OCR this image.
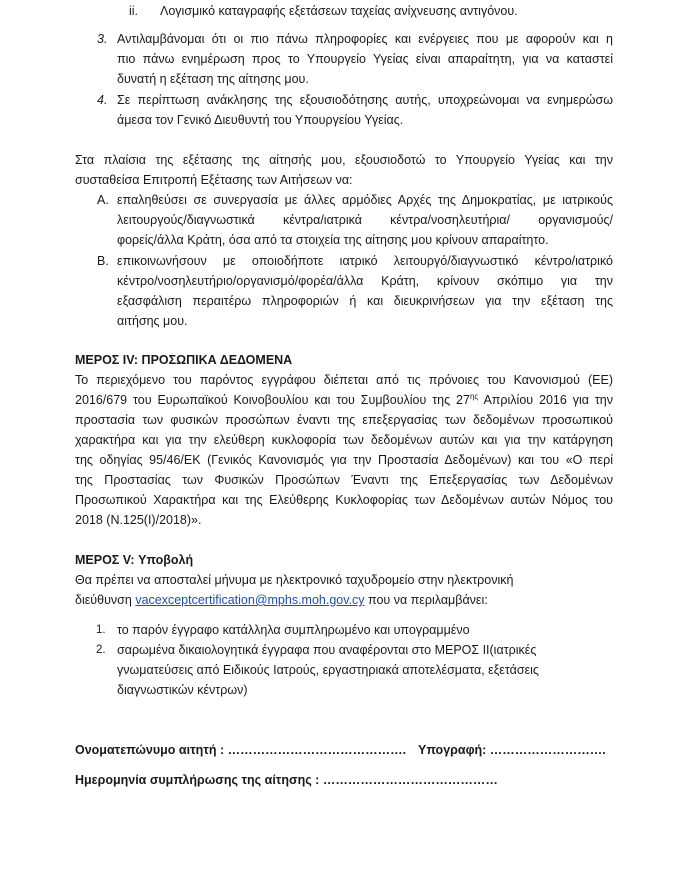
ii. Λογισμικό καταγραφής εξετάσεων ταχείας ανίχνευσης αντιγόνου.
3. Αντιλαμβάνομαι ότι οι πιο πάνω πληροφορίες και ενέργειες που με αφορούν και η
πιο πάνω ενημέρωση προς το Υπουργείο Υγείας είναι απαραίτητη, για να καταστεί
δυνατή η εξέταση της αίτησης μου.
4. Σε περίπτωση ανάκλησης της εξουσιοδότησης αυτής, υποχρεώνομαι να ενημερώσω
άμεσα τον Γενικό Διευθυντή του Υπουργείου Υγείας.
Στα πλαίσια της εξέτασης της αίτησής μου, εξουσιοδοτώ το Υπουργείο Υγείας και την
συσταθείσα Επιτροπή Εξέτασης των Αιτήσεων να:
A. επαληθεύσει σε συνεργασία με άλλες αρμόδιες Αρχές της Δημοκρατίας, με ιατρικούς
λειτουργούς/διαγνωστικά κέντρα/ιατρικά κέντρα/νοσηλευτήρια/ οργανισμούς/
φορείς/άλλα Κράτη, όσα από τα στοιχεία της αίτησης μου κρίνουν απαραίτητο.
B. επικοινωνήσουν με οποιοδήποτε ιατρικό λειτουργό/διαγνωστικό κέντρο/ιατρικό
κέντρο/νοσηλευτήριο/οργανισμό/φορέα/άλλα Κράτη, κρίνουν σκόπιμο για την
εξασφάλιση περαιτέρω πληροφοριών ή και διευκρινήσεων για την εξέταση της
αιτήσης μου.
ΜΕΡΟΣ IV: ΠΡΟΣΩΠΙΚΑ ΔΕΔΟΜΕΝΑ
Το περιεχόμενο του παρόντος εγγράφου διέπεται από τις πρόνοιες του Κανονισμού (ΕΕ)
2016/679 του Ευρωπαϊκού Κοινοβουλίου και του Συμβουλίου της $27^{\eta\varsigma}$ Απριλίου 2016 για την
προστασία των φυσικών προσώπων έναντι της επεξεργασίας των δεδομένων προσωπικού
χαρακτήρα και για την ελεύθερη κυκλοφορία των δεδομένων αυτών και για την κατάργηση
της οδηγίας 95/46/ΕΚ (Γενικός Κανονισμός για την Προστασία Δεδομένων) και του «Ο περί
της Προστασίας των Φυσικών Προσώπων Έναντι της Επεξεργασίας των Δεδομένων
Προσωπικού Χαρακτήρα και της Ελεύθερης Κυκλοφορίας των Δεδομένων αυτών Νόμος του
2018 (Ν.125(Ι)/2018)».
ΜΕΡΟΣ V: Υποβολή
Θα πρέπει να αποσταλεί μήνυμα με ηλεκτρονικό ταχυδρομείο στην ηλεκτρονική
διεύθυνση vacexceptcertification@mphs.moh.gov.cy που να περιλαμβάνει:
1. το παρόν έγγραφο κατάλληλα συμπληρωμένο και υπογραμμένο
2. σαρωμένα δικαιολογητικά έγγραφα που αναφέρονται στο ΜΕΡΟΣ ΙΙ(ιατρικές
γνωματεύσεις από Ειδικούς Ιατρούς, εργαστηριακά αποτελέσματα, εξετάσεις
διαγνωστικών κέντρων)
Ονοματεπώνυμο αιτητή : ……………………………………. Υπογραφή: ……………………….
Ημερομηνία συμπλήρωσης της αίτησης : ……………………………………
